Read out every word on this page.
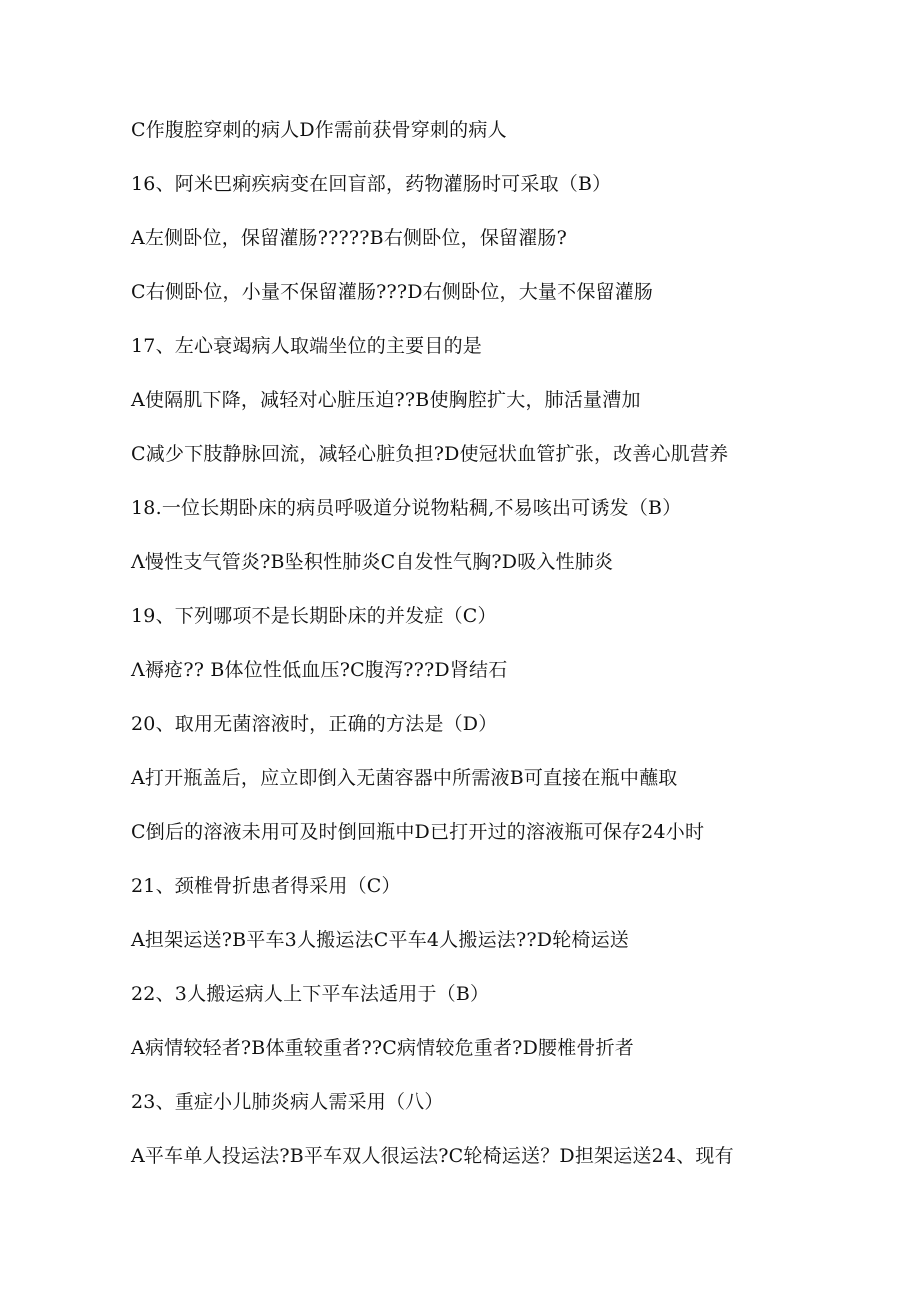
C作腹腔穿刺的病人D作需前获骨穿刺的病人
16、阿米巴痢疾病变在回盲部，药物灌肠时可采取（B）
A左侧卧位，保留灌肠?????B右侧卧位，保留濯肠?
C右侧卧位，小量不保留灌肠???D右侧卧位，大量不保留灌肠
17、左心衰竭病人取端坐位的主要目的是
A使隔肌下降，减轻对心脏压迫??B使胸腔扩大，肺活量漕加
C减少下肢静脉回流，减轻心脏负担?D使冠状血管扩张，改善心肌营养
18.一位长期卧床的病员呼吸道分说物粘稠,不易咳出可诱发（B）
Λ慢性支气管炎?B坠积性肺炎C自发性气胸?D吸入性肺炎
19、下列哪项不是长期卧床的并发症（C）
Λ褥疮?? B体位性低血压?C腹泻???D肾结石
20、取用无菌溶液时，正确的方法是（D）
A打开瓶盖后，应立即倒入无菌容器中所需液B可直接在瓶中蘸取
C倒后的溶液未用可及时倒回瓶中D已打开过的溶液瓶可保存24小时
21、颈椎骨折患者得采用（C）
A担架运送?B平车3人搬运法C平车4人搬运法??D轮椅运送
22、3人搬运病人上下平车法适用于（B）
A病情较轻者?B体重较重者??C病情较危重者?D腰椎骨折者
23、重症小儿肺炎病人需采用（八）
A平车单人投运法?B平车双人很运法?C轮椅运送？D担架运送24、现有
